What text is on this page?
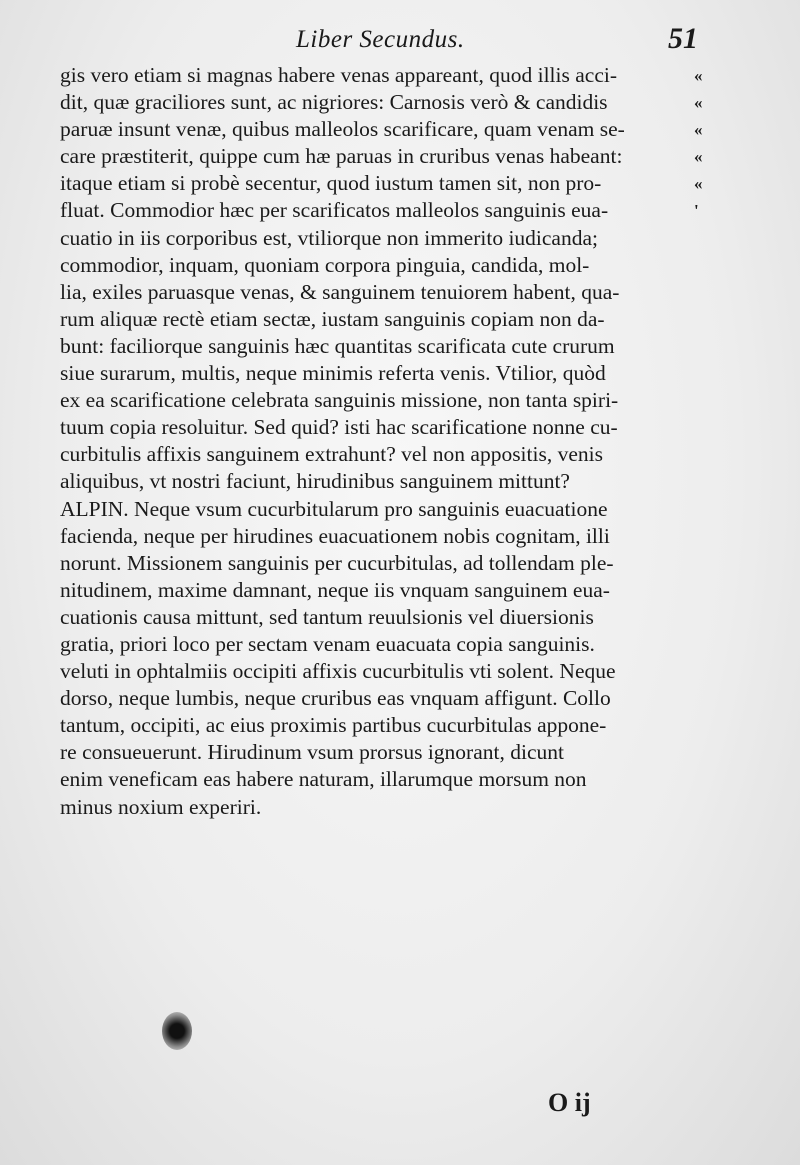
Liber Secundus.	51
gis vero etiam si magnas habere venas appareant, quod illis acci-
dit, quæ graciliores sunt, ac nigriores: Carnosis verò & candidis
paruæ insunt venæ, quibus malleolos scarificare, quam venam se-
care præstiterit, quippe cum hæ paruas in cruribus venas habeant:
itaque etiam si probè secentur, quod iustum tamen sit, non pro-
fluat. Commodior hæc per scarificatos malleolos sanguinis eua-
cuatio in iis corporibus est, vtiliorque non immerito iudicanda;
commodior, inquam, quoniam corpora pinguia, candida, mol-
lia, exiles paruasque venas, & sanguinem tenuiorem habent, qua-
rum aliquæ rectè etiam sectæ, iustam sanguinis copiam non da-
bunt: faciliorque sanguinis hæc quantitas scarificata cute crurum
siue surarum, multis, neque minimis referta venis. Vtilior, quòd
ex ea scarificatione celebrata sanguinis missione, non tanta spiri-
tuum copia resoluitur. Sed quid? isti hac scarificatione nonne cu-
curbitulis affixis sanguinem extrahunt? vel non appositis, venis
aliquibus, vt nostri faciunt, hirudinibus sanguinem mittunt?
ALPIN. Neque vsum cucurbitularum pro sanguinis euacuatione
facienda, neque per hirudines euacuationem nobis cognitam, illi
norunt. Missionem sanguinis per cucurbitulas, ad tollendam ple-
nitudinem, maxime damnant, neque iis vnquam sanguinem eua-
cuationis causa mittunt, sed tantum reuulsionis vel diuersionis
gratia, priori loco per sectam venam euacuata copia sanguinis.
veluti in ophtalmiis occipiti affixis cucurbitulis vti solent. Neque
dorso, neque lumbis, neque cruribus eas vnquam affigunt. Collo
tantum, occipiti, ac eius proximis partibus cucurbitulas appone-
re consueuerunt. Hirudinum vsum prorsus ignorant, dicunt
enim veneficam eas habere naturam, illarumque morsum non
minus noxium experiri.
«
«
«
«
«
'
O ij
